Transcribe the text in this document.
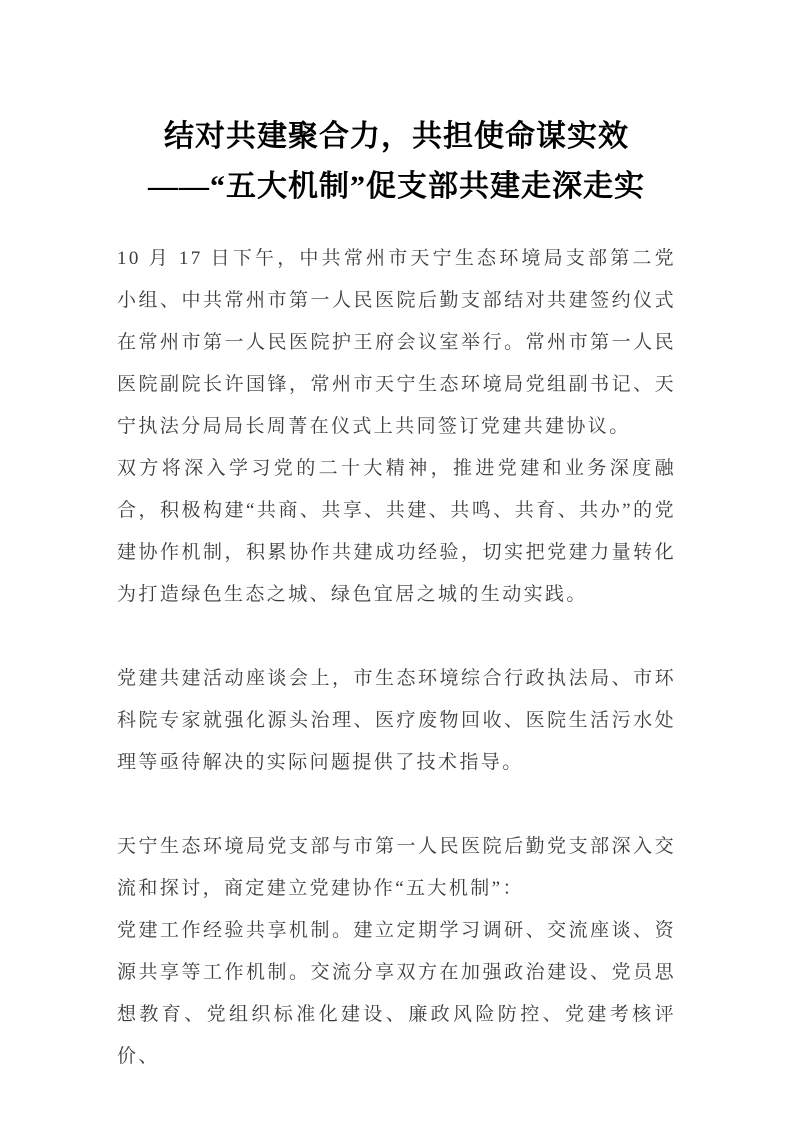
结对共建聚合力，共担使命谋实效——“五大机制”促支部共建走深走实

10 月 17 日下午，中共常州市天宁生态环境局支部第二党小组、中共常州市第一人民医院后勤支部结对共建签约仪式在常州市第一人民医院护王府会议室举行。常州市第一人民医院副院长许国锋，常州市天宁生态环境局党组副书记、天宁执法分局局长周菁在仪式上共同签订党建共建协议。

双方将深入学习党的二十大精神，推进党建和业务深度融合，积极构建“共商、共享、共建、共鸣、共育、共办”的党建协作机制，积累协作共建成功经验，切实把党建力量转化为打造绿色生态之城、绿色宜居之城的生动实践。

党建共建活动座谈会上，市生态环境综合行政执法局、市环科院专家就强化源头治理、医疗废物回收、医院生活污水处理等亟待解决的实际问题提供了技术指导。

天宁生态环境局党支部与市第一人民医院后勤党支部深入交流和探讨，商定建立党建协作“五大机制”：

党建工作经验共享机制。建立定期学习调研、交流座谈、资源共享等工作机制。交流分享双方在加强政治建设、党员思想教育、党组织标准化建设、廉政风险防控、党建考核评价、
